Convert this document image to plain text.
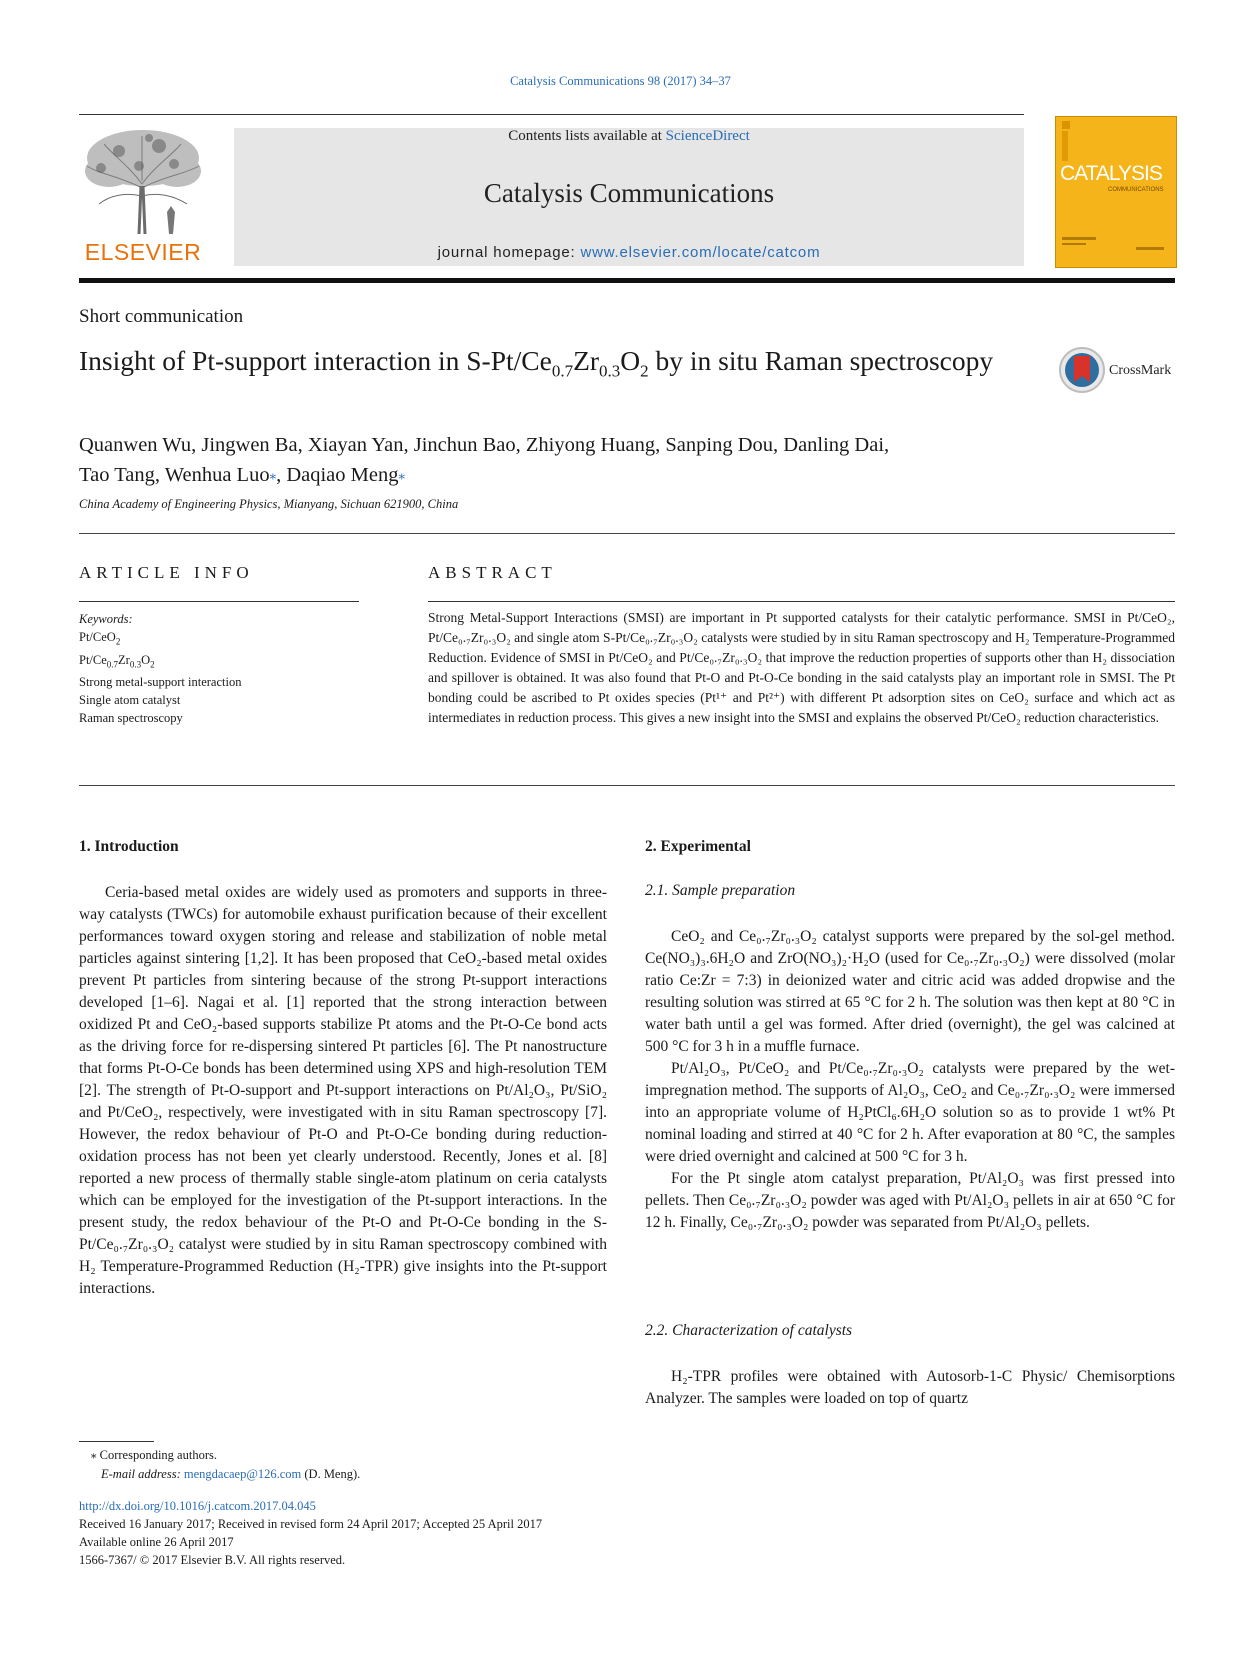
Catalysis Communications 98 (2017) 34–37
ELSEVIER
Contents lists available at ScienceDirect
Catalysis Communications
journal homepage: www.elsevier.com/locate/catcom
CATALYSIS
COMMUNICATIONS
Short communication
Insight of Pt-support interaction in $S-Pt/Ce_{0.7}Zr_{0.3}O_2$ by in situ Raman spectroscopy	CrossMark
Quanwen Wu, Jingwen Ba, Xiayan Yan, Jinchun Bao, Zhiyong Huang, Sanping Dou, Danling Dai,
Tao Tang, Wenhua Luo⁎, Daqiao Meng⁎
China Academy of Engineering Physics, Mianyang, Sichuan 621900, China
ARTICLE INFO	ABSTRACT
Keywords:
Pt/CeO$_2$
$Pt/Ce_{0.7}Zr_{0.3}O_2$
Strong metal-support interaction
Single atom catalyst
Raman spectroscopy
Strong Metal-Support Interactions (SMSI) are important in Pt supported catalysts for their catalytic performance. SMSI in Pt/CeO₂, Pt/Ce₀.₇Zr₀.₃O₂ and single atom S-Pt/Ce₀.₇Zr₀.₃O₂ catalysts were studied by in situ Raman spectroscopy and H₂ Temperature-Programmed Reduction. Evidence of SMSI in Pt/CeO₂ and Pt/Ce₀.₇Zr₀.₃O₂ that improve the reduction properties of supports other than H₂ dissociation and spillover is obtained. It was also found that Pt-O and Pt-O-Ce bonding in the said catalysts play an important role in SMSI. The Pt bonding could be ascribed to Pt oxides species (Pt¹⁺ and Pt²⁺) with different Pt adsorption sites on CeO₂ surface and which act as intermediates in reduction process. This gives a new insight into the SMSI and explains the observed Pt/CeO₂ reduction characteristics.
1. Introduction

Ceria-based metal oxides are widely used as promoters and supports in three-way catalysts (TWCs) for automobile exhaust purification because of their excellent performances toward oxygen storing and release and stabilization of noble metal particles against sintering [1,2]. It has been proposed that CeO₂-based metal oxides prevent Pt particles from sintering because of the strong Pt-support interactions developed [1–6]. Nagai et al. [1] reported that the strong interaction between oxidized Pt and CeO₂-based supports stabilize Pt atoms and the Pt-O-Ce bond acts as the driving force for re-dispersing sintered Pt particles [6]. The Pt nanostructure that forms Pt-O-Ce bonds has been determined using XPS and high-resolution TEM [2]. The strength of Pt-O-support and Pt-support interactions on Pt/Al₂O₃, Pt/SiO₂ and Pt/CeO₂, respectively, were investigated with in situ Raman spectroscopy [7]. However, the redox behaviour of Pt-O and Pt-O-Ce bonding during reduction-oxidation process has not been yet clearly understood. Recently, Jones et al. [8] reported a new process of thermally stable single-atom platinum on ceria catalysts which can be employed for the investigation of the Pt-support interactions. In the present study, the redox behaviour of the Pt-O and Pt-O-Ce bonding in the S-Pt/Ce₀.₇Zr₀.₃O₂ catalyst were studied by in situ Raman spectroscopy combined with H₂ Temperature-Programmed Reduction (H₂-TPR) give insights into the Pt-support interactions.

2. Experimental
2.1. Sample preparation

CeO₂ and Ce₀.₇Zr₀.₃O₂ catalyst supports were prepared by the sol-gel method. Ce(NO₃)₃.6H₂O and ZrO(NO₃)₂·H₂O (used for Ce₀.₇Zr₀.₃O₂) were dissolved (molar ratio Ce:Zr = 7:3) in deionized water and citric acid was added dropwise and the resulting solution was stirred at 65 °C for 2 h. The solution was then kept at 80 °C in water bath until a gel was formed. After dried (overnight), the gel was calcined at 500 °C for 3 h in a muffle furnace.

Pt/Al₂O₃, Pt/CeO₂ and Pt/Ce₀.₇Zr₀.₃O₂ catalysts were prepared by the wet-impregnation method. The supports of Al₂O₃, CeO₂ and Ce₀.₇Zr₀.₃O₂ were immersed into an appropriate volume of H₂PtCl₆.6H₂O solution so as to provide 1 wt% Pt nominal loading and stirred at 40 °C for 2 h. After evaporation at 80 °C, the samples were dried overnight and calcined at 500 °C for 3 h.

For the Pt single atom catalyst preparation, Pt/Al₂O₃ was first pressed into pellets. Then Ce₀.₇Zr₀.₃O₂ powder was aged with Pt/Al₂O₃ pellets in air at 650 °C for 12 h. Finally, Ce₀.₇Zr₀.₃O₂ powder was separated from Pt/Al₂O₃ pellets.

2.2. Characterization of catalysts

H₂-TPR profiles were obtained with Autosorb-1-C Physic/ Chemisorptions Analyzer. The samples were loaded on top of quartz

⁎ Corresponding authors.
E-mail address: mengdacaep@126.com (D. Meng).
http://dx.doi.org/10.1016/j.catcom.2017.04.045
Received 16 January 2017; Received in revised form 24 April 2017; Accepted 25 April 2017
Available online 26 April 2017
1566-7367/ © 2017 Elsevier B.V. All rights reserved.
